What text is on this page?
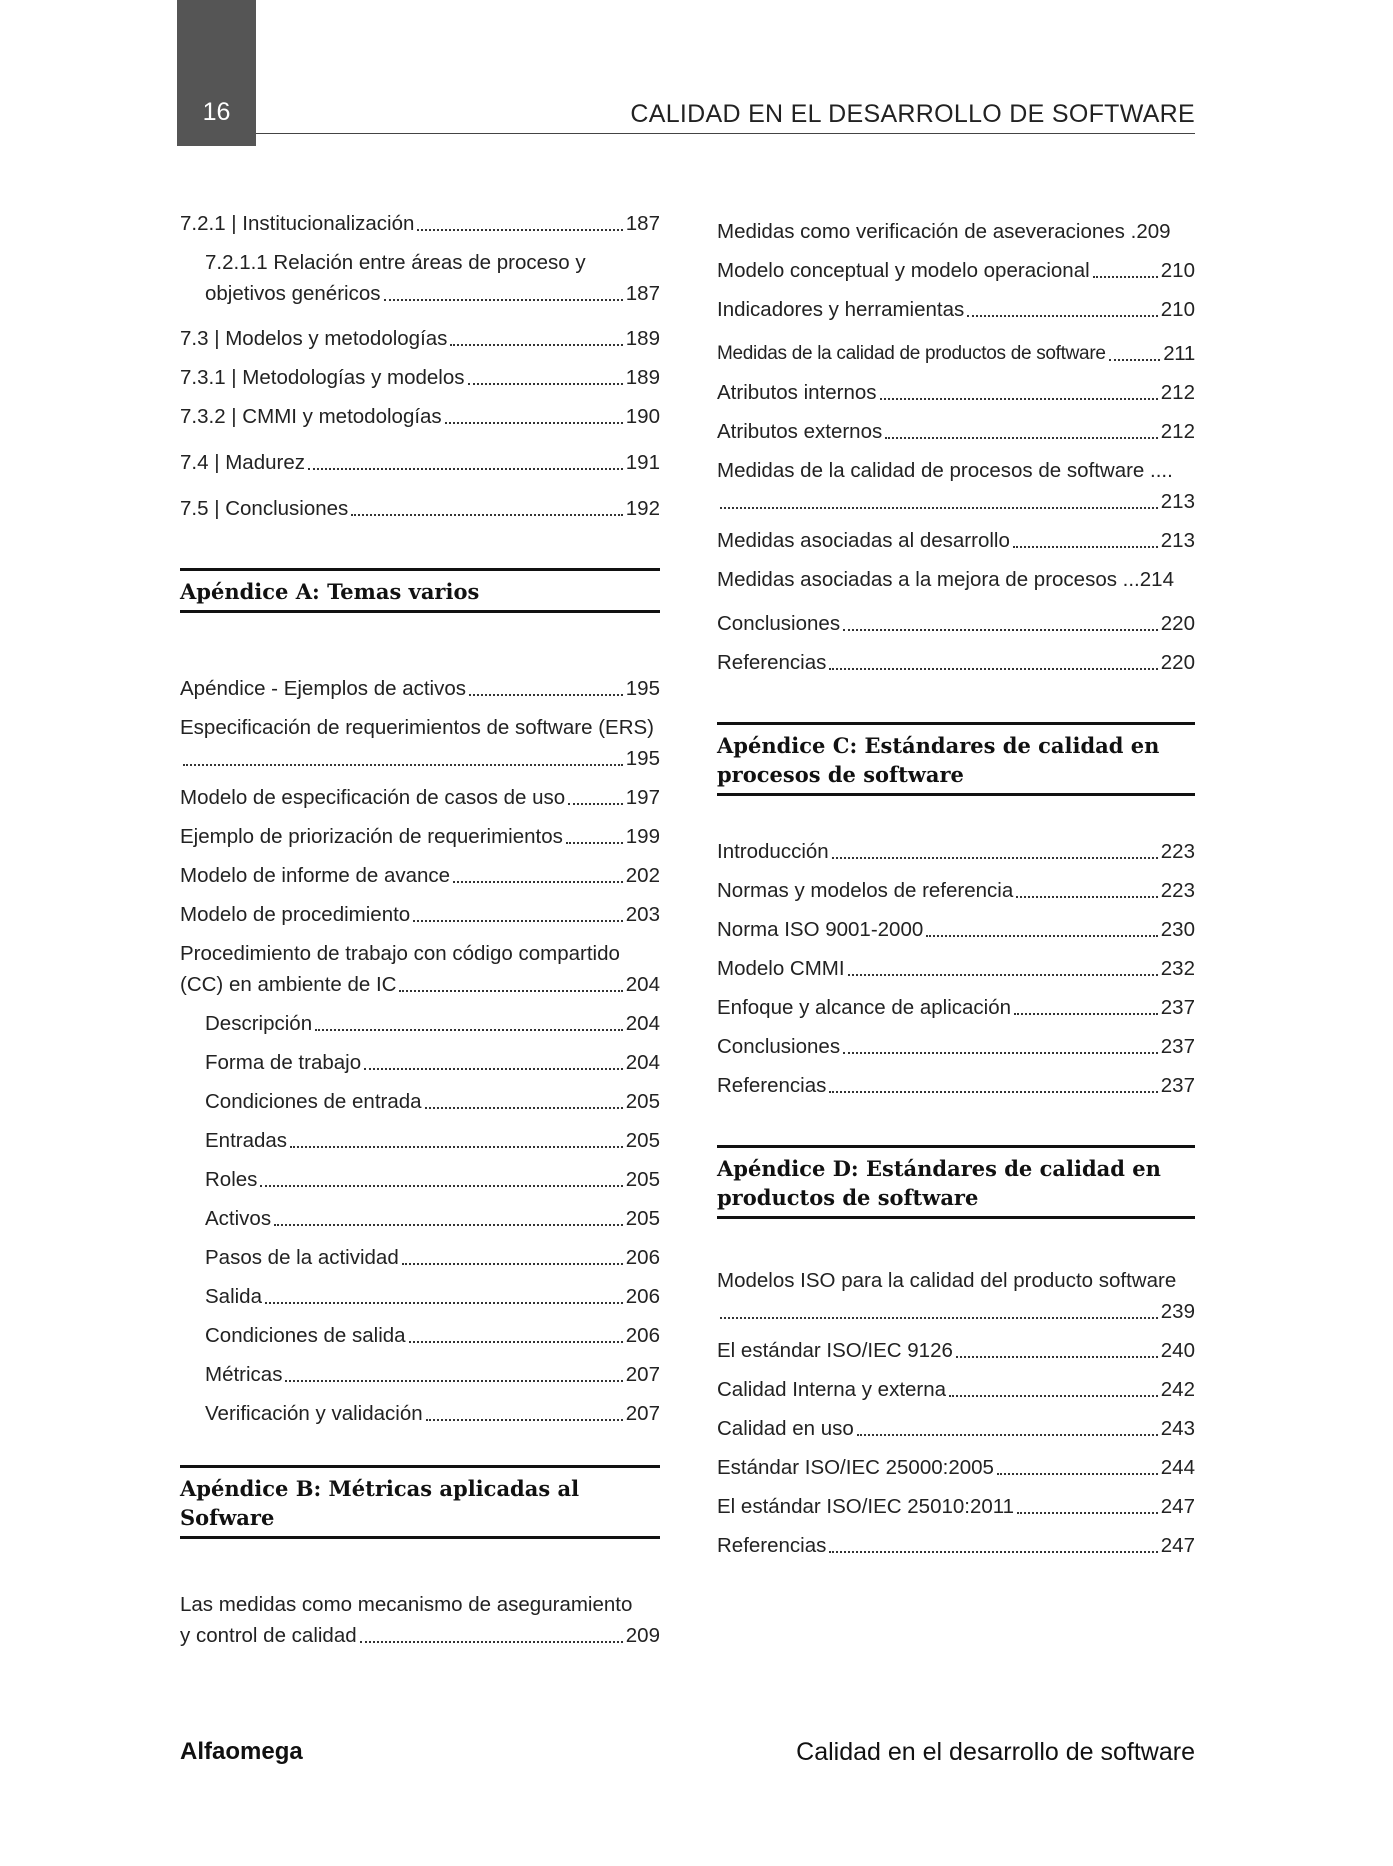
16	CALIDAD EN EL DESARROLLO DE SOFTWARE
7.2.1 | Institucionalización	187
7.2.1.1 Relación entre áreas de proceso y
objetivos genéricos	187
7.3 | Modelos y metodologías	189
7.3.1 | Metodologías y modelos	189
7.3.2 | CMMI y metodologías	190
7.4 | Madurez	191
7.5 | Conclusiones	192
Apéndice A: Temas varios
Apéndice - Ejemplos de activos	195
Especificación de requerimientos de software (ERS)
195
Modelo de especificación de casos de uso	197
Ejemplo de priorización de requerimientos	199
Modelo de informe de avance	202
Modelo de procedimiento	203
Procedimiento de trabajo con código compartido
(CC) en ambiente de IC	204
Descripción	204
Forma de trabajo	204
Condiciones de entrada	205
Entradas	205
Roles	205
Activos	205
Pasos de la actividad	206
Salida	206
Condiciones de salida	206
Métricas	207
Verificación y validación	207
Apéndice B: Métricas aplicadas al Sofware
Las medidas como mecanismo de aseguramiento
y control de calidad	209
Medidas como verificación de aseveraciones . 209
Modelo conceptual y modelo operacional	210
Indicadores y herramientas	210
Medidas de la calidad de productos de software	211
Atributos internos	212
Atributos externos	212
Medidas de la calidad de procesos de software ....
213
Medidas asociadas al desarrollo	213
Medidas asociadas a la mejora de procesos ... 214
Conclusiones	220
Referencias	220
Apéndice C: Estándares de calidad en procesos de software
Introducción	223
Normas y modelos de referencia	223
Norma ISO 9001-2000	230
Modelo CMMI	232
Enfoque y alcance de aplicación	237
Conclusiones	237
Referencias	237
Apéndice D: Estándares de calidad en productos de software
Modelos ISO para la calidad del producto software
239
El estándar ISO/IEC 9126	240
Calidad Interna y externa	242
Calidad en uso	243
Estándar ISO/IEC 25000:2005	244
El estándar ISO/IEC 25010:2011	247
Referencias	247
Alfaomega	Calidad en el desarrollo de software
